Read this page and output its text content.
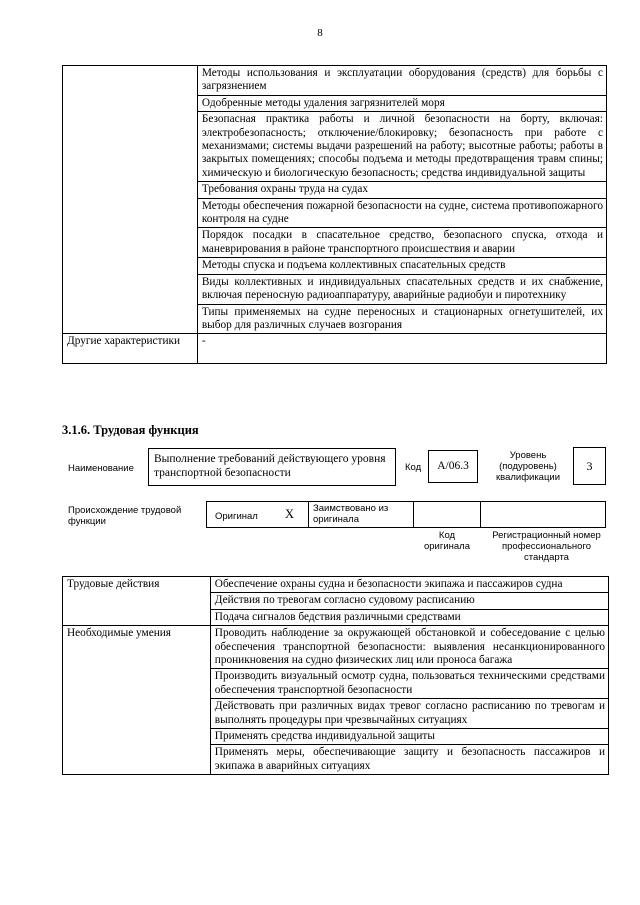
8
	Методы использования и эксплуатации оборудования (средств) для борьбы с загрязнением
	Одобренные методы удаления загрязнителей моря
	Безопасная практика работы и личной безопасности на борту, включая: электробезопасность; отключение/блокировку; безопасность при работе с механизмами; системы выдачи разрешений на работу; высотные работы; работы в закрытых помещениях; способы подъема и методы предотвращения травм спины; химическую и биологическую безопасность; средства индивидуальной защиты
	Требования охраны труда на судах
	Методы обеспечения пожарной безопасности на судне, система противопожарного контроля на судне
	Порядок посадки в спасательное средство, безопасного спуска, отхода и маневрирования в районе транспортного происшествия и аварии
	Методы спуска и подъема коллективных спасательных средств
	Виды коллективных и индивидуальных спасательных средств и их снабжение, включая переносную радиоаппаратуру, аварийные радиобуи и пиротехнику
	Типы применяемых на судне переносных и стационарных огнетушителей, их выбор для различных случаев возгорания
Другие характеристики	-
3.1.6. Трудовая функция
Наименование
Выполнение требований действующего уровня транспортной безопасности	Код	A/06.3
Уровень (подуровень) квалификации
3
Происхождение трудовой функции	Оригинал X Заимствовано из оригинала
Код оригинала
Регистрационный номер профессионального стандарта
Трудовые действия	Обеспечение охраны судна и безопасности экипажа и пассажиров судна
	Действия по тревогам согласно судовому расписанию
	Подача сигналов бедствия различными средствами
Необходимые умения	Проводить наблюдение за окружающей обстановкой и собеседование с целью обеспечения транспортной безопасности: выявления несанкционированного проникновения на судно физических лиц или проноса багажа
	Производить визуальный осмотр судна, пользоваться техническими средствами обеспечения транспортной безопасности
	Действовать при различных видах тревог согласно расписанию по тревогам и выполнять процедуры при чрезвычайных ситуациях
	Применять средства индивидуальной защиты
	Применять меры, обеспечивающие защиту и безопасность пассажиров и экипажа в аварийных ситуациях
